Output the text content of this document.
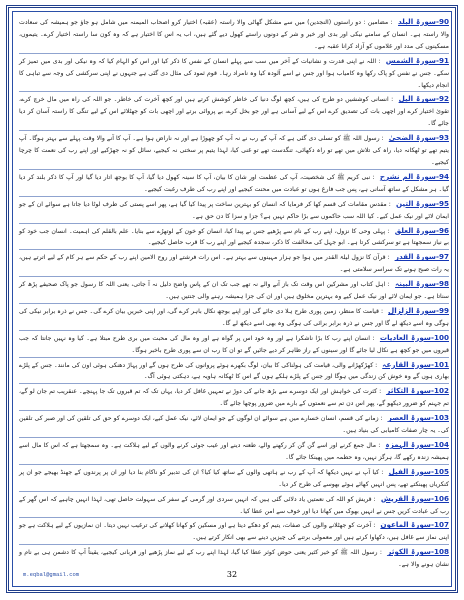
90-سورۃ البلد : مضامین : دو راستوں (النجدین) میں سے مشکل گھاٹی والا راستہ (عقبہ) اختیار کرو اصحاب المیمنہ میں شامل ہو جاؤ جو ہمیشہ کی سعادت والا راستہ ہے۔ انسان کے سامنے نیکی اور بدی اور خیر و شر کے دونوں راستے کھول دیے گئے ہیں، اب یہ اس کا اختیار ہے کہ وہ کون سا راستہ اختیار کرے۔ یتیموں، مسکینوں کی مدد اور غلاموں کو آزاد کرانا عقبہ ہے۔

91-سورۃ الشمس : اللہ نے اپنی قدرت و نشانیات کے آخر میں سب سے پہلے انسان کے نفس کا ذکر کیا اور اس کو الہام کیا کہ وہ نیکی اور بدی میں تمیز کر سکے۔ جس نے نفس کو پاک رکھا وہ کامیاب ہوا اور جس نے اسے آلودہ کیا وہ نامراد رہا۔ قوم ثمود کی مثال دی گئی ہے جنہوں نے اپنی سرکشی کی وجہ سے تباہی کا انجام دیکھا۔

92-سورۃ الیل : انسانی کوششیں دو طرح کی ہیں، کچھ لوگ دنیا کی خاطر کوشش کرتے ہیں اور کچھ آخرت کی خاطر۔ جو اللہ کی راہ میں مال خرچ کرے، تقویٰ اختیار کرے اور اچھی بات کی تصدیق کرے اس کے لیے آسانی ہے اور جو بخل کرے، بے پروائی برتے اور اچھی بات کو جھٹلائے اس کے لیے تنگی کا راستہ آسان کر دیا جائے گا۔

93-سورۃ الضحیٰ : رسول اللہ ﷺ کو تسلی دی گئی ہے کہ آپ کے رب نے نہ آپ کو چھوڑا ہے اور نہ ناراض ہوا ہے۔ آپ کا آنے والا وقت پہلے سے بہتر ہوگا۔ آپ یتیم تھے تو ٹھکانہ دیا، راہ کی تلاش میں تھے تو راہ دکھائی، تنگدست تھے تو غنی کیا، لہذا یتیم پر سختی نہ کیجیے، سائل کو نہ جھڑکیے اور اپنے رب کی نعمت کا چرچا کیجیے۔

94-سورۃ الم نشرح : نبی کریم ﷺ کی شخصیت، آپ کی عظمت اور شان کا بیان، آپ کا سینہ کھول دیا گیا، آپ کا بوجھ اتار دیا گیا اور آپ کا ذکر بلند کر دیا گیا۔ ہر مشکل کے ساتھ آسانی ہے، پس جب فارغ ہوں تو عبادت میں محنت کیجیے اور اپنے رب کی طرف رغبت کیجیے۔

95-سورۃ التین : مقدس مقامات کی قسم کھا کر فرمایا کہ انسان کو بہترین ساخت پر پیدا کیا گیا ہے، پھر اسے پستی کی طرف لوٹا دیا جاتا ہے سوائے ان کے جو ایمان لائے اور نیک عمل کیے۔ کیا اللہ سب حاکموں سے بڑا حاکم نہیں ہے؟ جزا و سزا کا دن حق ہے۔

96-سورۃ العلق : پہلی وحی کا نزول، اپنے رب کے نام سے پڑھیے جس نے پیدا کیا، انسان کو خون کے لوتھڑے سے بنایا۔ علم بالقلم کی اہمیت۔ انسان جب خود کو بے نیاز سمجھتا ہے تو سرکشی کرتا ہے۔ ابو جہل کی مخالفت کا ذکر، سجدہ کیجیے اور اپنے رب کا قرب حاصل کیجیے۔

97-سورۃ القدر : قرآن کا نزول لیلۃ القدر میں ہوا جو ہزار مہینوں سے بہتر ہے۔ اس رات فرشتے اور روح الامین اپنے رب کے حکم سے ہر کام کے لیے اترتے ہیں، یہ رات صبح ہونے تک سراسر سلامتی ہے۔

98-سورۃ البینہ : اہل کتاب اور مشرکین اس وقت تک باز آنے والے نہ تھے جب تک ان کے پاس واضح دلیل نہ آ جاتی، یعنی اللہ کا رسول جو پاک صحیفے پڑھ کر سناتا ہے۔ جو ایمان لائے اور نیک عمل کیے وہ بہترین مخلوق ہیں اور ان کی جزا ہمیشہ رہنے والی جنتیں ہیں۔

99-سورۃ الزلزال : قیامت کا منظر، زمین پوری طرح ہلا دی جائے گی اور اپنے بوجھ نکال باہر کرے گی، اور اپنی خبریں بیان کرے گی۔ جس نے ذرہ برابر نیکی کی ہوگی وہ اسے دیکھ لے گا اور جس نے ذرہ برابر برائی کی ہوگی وہ بھی اسے دیکھ لے گا۔

100-سورۃ العادیات : انسان اپنے رب کا بڑا ناشکرا ہے اور وہ خود اس پر گواہ ہے اور وہ مال کی محبت میں بری طرح مبتلا ہے۔ کیا وہ نہیں جانتا کہ جب قبروں میں جو کچھ ہے نکال لیا جائے گا اور سینوں کے راز ظاہر کر دیے جائیں گے تو ان کا رب ان سے پوری طرح باخبر ہوگا۔

101-سورۃ القارعہ : کھڑکھڑانے والی، قیامت کی ہولناکی کا بیان، لوگ بکھرے ہوئے پروانوں کی طرح ہوں گے اور پہاڑ دھنکی ہوئی اون کی مانند۔ جس کے پلڑے بھاری ہوں گے وہ خوش کن زندگی میں ہوگا اور جس کے پلڑے ہلکے ہوں گے اس کا ٹھکانہ ہاویہ ہے، دہکتی ہوئی آگ۔

102-سورۃ التکاثر : کثرت کی خواہش اور ایک دوسرے سے بڑھ جانے کی دوڑ نے تمہیں غافل کر دیا، یہاں تک کہ تم قبروں تک جا پہنچے۔ عنقریب تم جان لو گے، تم جہنم کو ضرور دیکھو گے، پھر اس دن تم سے نعمتوں کے بارے میں ضرور پوچھا جائے گا۔

103-سورۃ العصر : زمانے کی قسم، انسان خسارے میں ہے سوائے ان لوگوں کے جو ایمان لائے، نیک عمل کیے، ایک دوسرے کو حق کی تلقین کی اور صبر کی تلقین کی۔ یہ چار صفات کامیابی کی بنیاد ہیں۔

104-سورۃ الہمزہ : مال جمع کرنے اور اسے گن گن کر رکھنے والے، طعنہ دینے اور عیب جوئی کرنے والوں کے لیے ہلاکت ہے۔ وہ سمجھتا ہے کہ اس کا مال اسے ہمیشہ زندہ رکھے گا، ہرگز نہیں، وہ حطمہ میں پھینکا جائے گا۔

105-سورۃ الفیل : کیا آپ نے نہیں دیکھا کہ آپ کے رب نے ہاتھی والوں کے ساتھ کیا کیا؟ ان کی تدبیر کو ناکام بنا دیا اور ان پر پرندوں کے جھنڈ بھیجے جو ان پر کنکریاں پھینکتے تھے، پس انہیں کھائے ہوئے بھوسے کی طرح کر دیا۔

106-سورۃ القریش : قریش کو اللہ کی نعمتیں یاد دلائی گئی ہیں کہ انہیں سردی اور گرمی کے سفر کی سہولت حاصل تھی، لہذا انہیں چاہیے کہ اس گھر کے رب کی عبادت کریں جس نے انہیں بھوک میں کھانا دیا اور خوف سے امن عطا کیا۔

107-سورۃ الماعون : آخرت کو جھٹلانے والوں کی صفات، یتیم کو دھکے دیتا ہے اور مسکین کو کھانا کھلانے کی ترغیب نہیں دیتا۔ ان نمازیوں کے لیے ہلاکت ہے جو اپنی نماز سے غافل ہیں، دکھاوا کرتے ہیں اور معمولی برتنے کی چیزیں دینے سے بھی انکار کرتے ہیں۔

108-سورۃ الکوثر : رسول اللہ ﷺ کو خیر کثیر یعنی حوض کوثر عطا کیا گیا، لہذا اپنے رب کے لیے نماز پڑھیے اور قربانی کیجیے، یقیناً آپ کا دشمن ہی بے نام و نشان ہونے والا ہے۔

m.eqbal@gmail.com	32
